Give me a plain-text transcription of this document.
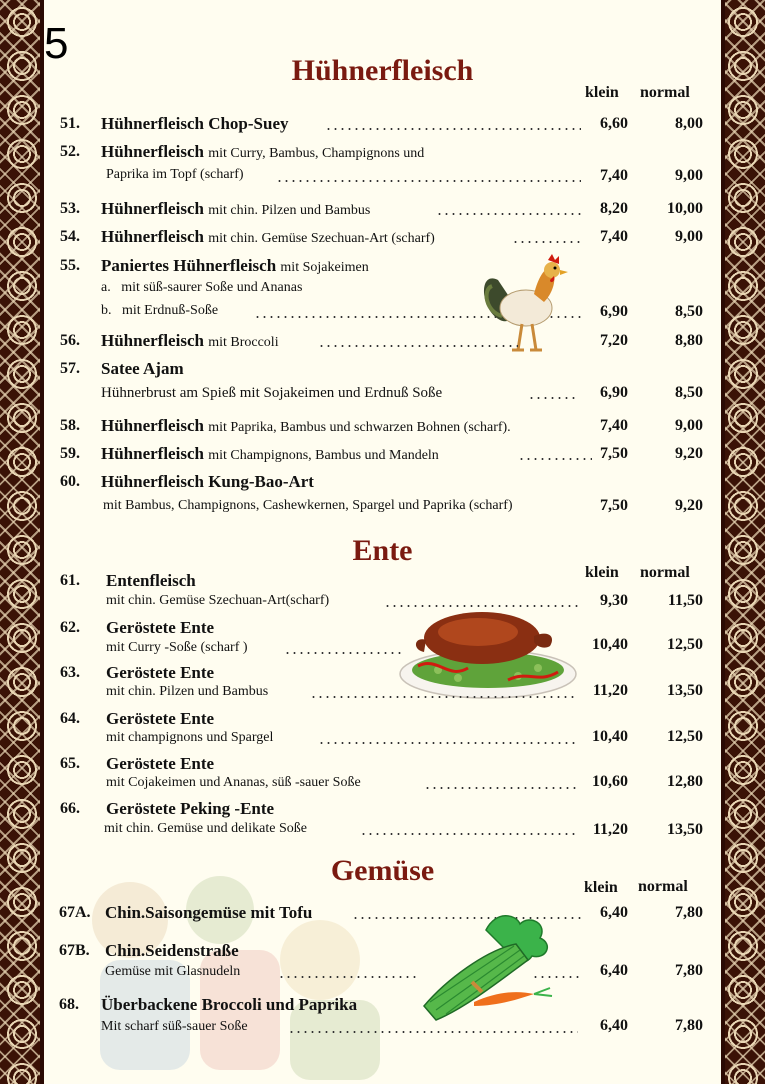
5
Hühnerfleisch
klein normal
51. Hühnerfleisch Chop-Suey	6,60	8,00
52. Hühnerfleisch mit Curry, Bambus, Champignons und
Paprika im Topf (scharf)	7,40	9,00
53. Hühnerfleisch mit chin. Pilzen und Bambus	8,20	10,00
54. Hühnerfleisch mit chin. Gemüse Szechuan-Art (scharf)	7,40	9,00
55. Paniertes Hühnerfleisch mit Sojakeimen
a.   mit süß-saurer Soße und Ananas
b.   mit Erdnuß-Soße	6,90	8,50
56. Hühnerfleisch mit Broccoli	7,20	8,80
57. Satee Ajam
Hühnerbrust am Spieß mit Sojakeimen und Erdnuß Soße	6,90	8,50
58. Hühnerfleisch mit Paprika, Bambus und schwarzen Bohnen (scharf).	7,40	9,00
59. Hühnerfleisch mit Champignons, Bambus und Mandeln	7,50	9,20
60. Hühnerfleisch Kung-Bao-Art
mit Bambus, Champignons, Cashewkernen, Spargel und Paprika (scharf)	7,50	9,20
Ente
klein normal
61. Entenfleisch
mit chin. Gemüse Szechuan-Art(scharf)	9,30	11,50
62. Geröstete Ente
mit Curry -Soße (scharf )	10,40	12,50
63. Geröstete Ente
mit chin. Pilzen und Bambus	11,20	13,50
64. Geröstete Ente
mit champignons und Spargel	10,40	12,50
65. Geröstete Ente
mit Cojakeimen und Ananas, süß -sauer Soße	10,60	12,80
66. Geröstete Peking -Ente
mit chin. Gemüse und delikate Soße	11,20	13,50
Gemüse
klein normal
67A. Chin.Saisongemüse mit Tofu	6,40	7,80
67B. Chin.Seidenstraße
Gemüse mit Glasnudeln	6,40	7,80
68. Überbackene Broccoli und Paprika
Mit scharf süß-sauer Soße	6,40	7,80
